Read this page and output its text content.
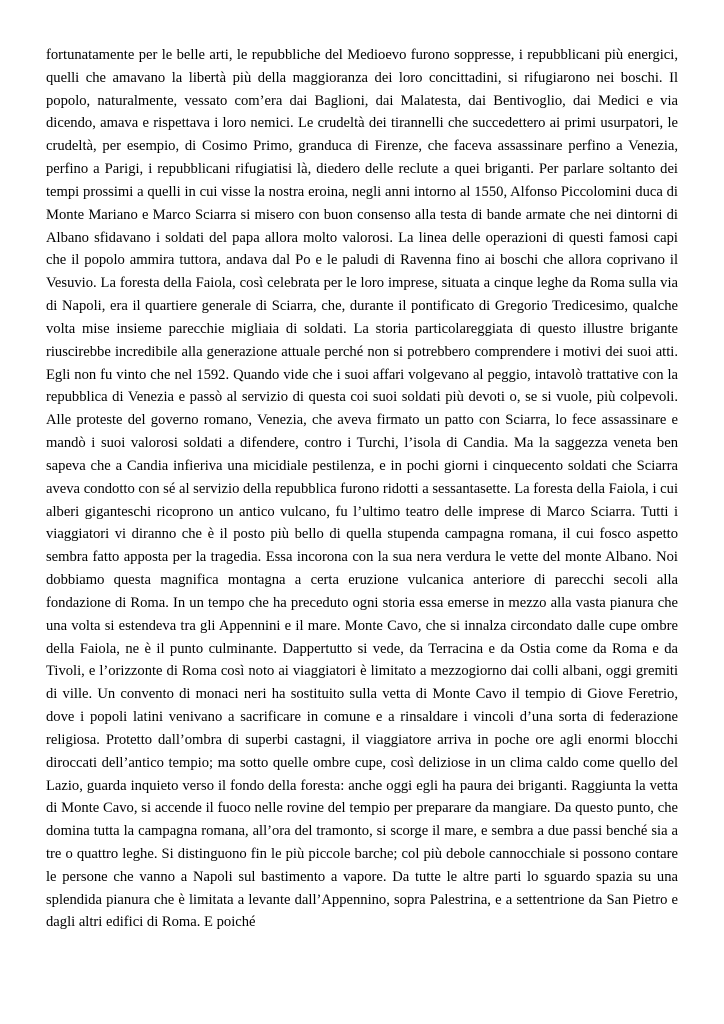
fortunatamente per le belle arti, le repubbliche del Medioevo furono soppresse, i repubblicani più energici, quelli che amavano la libertà più della maggioranza dei loro concittadini, si rifugiarono nei boschi. Il popolo, naturalmente, vessato com’era dai Baglioni, dai Malatesta, dai Bentivoglio, dai Medici e via dicendo, amava e rispettava i loro nemici. Le crudeltà dei tirannelli che succedettero ai primi usurpatori, le crudeltà, per esempio, di Cosimo Primo, granduca di Firenze, che faceva assassinare perfino a Venezia, perfino a Parigi, i repubblicani rifugiatisi là, diedero delle reclute a quei briganti. Per parlare soltanto dei tempi prossimi a quelli in cui visse la nostra eroina, negli anni intorno al 1550, Alfonso Piccolomini duca di Monte Mariano e Marco Sciarra si misero con buon consenso alla testa di bande armate che nei dintorni di Albano sfidavano i soldati del papa allora molto valorosi. La linea delle operazioni di questi famosi capi che il popolo ammira tuttora, andava dal Po e le paludi di Ravenna fino ai boschi che allora coprivano il Vesuvio. La foresta della Faiola, così celebrata per le loro imprese, situata a cinque leghe da Roma sulla via di Napoli, era il quartiere generale di Sciarra, che, durante il pontificato di Gregorio Tredicesimo, qualche volta mise insieme parecchie migliaia di soldati. La storia particolareggiata di questo illustre brigante riuscirebbe incredibile alla generazione attuale perché non si potrebbero comprendere i motivi dei suoi atti. Egli non fu vinto che nel 1592. Quando vide che i suoi affari volgevano al peggio, intavolò trattative con la repubblica di Venezia e passò al servizio di questa coi suoi soldati più devoti o, se si vuole, più colpevoli. Alle proteste del governo romano, Venezia, che aveva firmato un patto con Sciarra, lo fece assassinare e mandò i suoi valorosi soldati a difendere, contro i Turchi, l’isola di Candia. Ma la saggezza veneta ben sapeva che a Candia infieriva una micidiale pestilenza, e in pochi giorni i cinquecento soldati che Sciarra aveva condotto con sé al servizio della repubblica furono ridotti a sessantasette. La foresta della Faiola, i cui alberi giganteschi ricoprono un antico vulcano, fu l’ultimo teatro delle imprese di Marco Sciarra. Tutti i viaggiatori vi diranno che è il posto più bello di quella stupenda campagna romana, il cui fosco aspetto sembra fatto apposta per la tragedia. Essa incorona con la sua nera verdura le vette del monte Albano. Noi dobbiamo questa magnifica montagna a certa eruzione vulcanica anteriore di parecchi secoli alla fondazione di Roma. In un tempo che ha preceduto ogni storia essa emerse in mezzo alla vasta pianura che una volta si estendeva tra gli Appennini e il mare. Monte Cavo, che si innalza circondato dalle cupe ombre della Faiola, ne è il punto culminante. Dappertutto si vede, da Terracina e da Ostia come da Roma e da Tivoli, e l’orizzonte di Roma così noto ai viaggiatori è limitato a mezzogiorno dai colli albani, oggi gremiti di ville. Un convento di monaci neri ha sostituito sulla vetta di Monte Cavo il tempio di Giove Feretrio, dove i popoli latini venivano a sacrificare in comune e a rinsaldare i vincoli d’una sorta di federazione religiosa. Protetto dall’ombra di superbi castagni, il viaggiatore arriva in poche ore agli enormi blocchi diroccati dell’antico tempio; ma sotto quelle ombre cupe, così deliziose in un clima caldo come quello del Lazio, guarda inquieto verso il fondo della foresta: anche oggi egli ha paura dei briganti. Raggiunta la vetta di Monte Cavo, si accende il fuoco nelle rovine del tempio per preparare da mangiare. Da questo punto, che domina tutta la campagna romana, all’ora del tramonto, si scorge il mare, e sembra a due passi benché sia a tre o quattro leghe. Si distinguono fin le più piccole barche; col più debole cannocchiale si possono contare le persone che vanno a Napoli sul bastimento a vapore. Da tutte le altre parti lo sguardo spazia su una splendida pianura che è limitata a levante dall’Appennino, sopra Palestrina, e a settentrione da San Pietro e dagli altri edifici di Roma. E poiché
